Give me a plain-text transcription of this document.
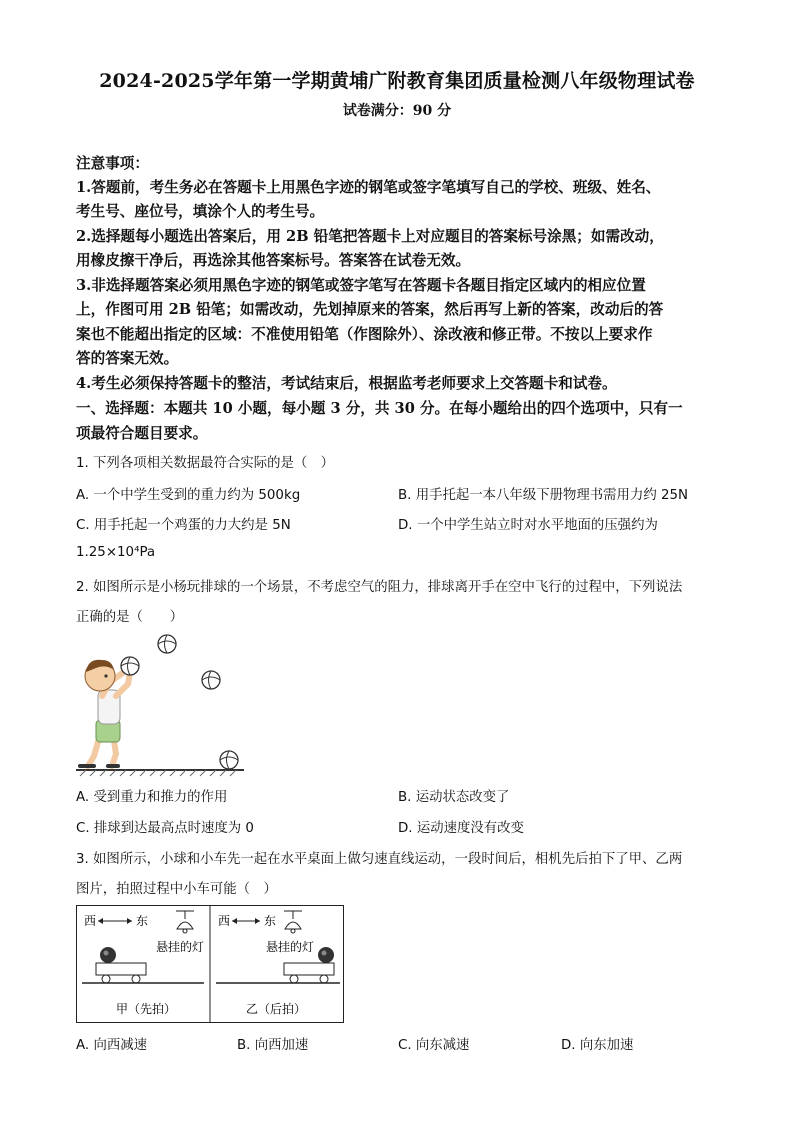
2024-2025学年第一学期黄埔广附教育集团质量检测八年级物理试卷
试卷满分：90 分
注意事项：
1.答题前，考生务必在答题卡上用黑色字迹的钢笔或签字笔填写自己的学校、班级、姓名、
考生号、座位号，填涂个人的考生号。
2.选择题每小题选出答案后，用 2B 铅笔把答题卡上对应题目的答案标号涂黑；如需改动，
用橡皮擦干净后，再选涂其他答案标号。答案答在试卷无效。
3.非选择题答案必须用黑色字迹的钢笔或签字笔写在答题卡各题目指定区域内的相应位置
上，作图可用 2B 铅笔；如需改动，先划掉原来的答案，然后再写上新的答案，改动后的答
案也不能超出指定的区域：不准使用铅笔（作图除外）、涂改液和修正带。不按以上要求作
答的答案无效。
4.考生必须保持答题卡的整洁，考试结束后，根据监考老师要求上交答题卡和试卷。
一、选择题：本题共 10 小题，每小题 3 分，共 30 分。在每小题给出的四个选项中，只有一
项最符合题目要求。
1. 下列各项相关数据最符合实际的是（　）
A. 一个中学生受到的重力约为 500kg	B. 用手托起一本八年级下册物理书需用力约 25N
C. 用手托起一个鸡蛋的力大约是 5N	D. 一个中学生站立时对水平地面的压强约为
1.25×10⁴Pa
2. 如图所示是小杨玩排球的一个场景，不考虑空气的阻力，排球离开手在空中飞行的过程中，下列说法
正确的是（　　）
A. 受到重力和推力的作用	B. 运动状态改变了
C. 排球到达最高点时速度为 0	D. 运动速度没有改变
3. 如图所示，小球和小车先一起在水平桌面上做匀速直线运动，一段时间后，相机先后拍下了甲、乙两
图片，拍照过程中小车可能（　）
西	东
悬挂的灯
甲（先拍）
西	东
悬挂的灯
乙（后拍）
A. 向西减速	B. 向西加速	C. 向东减速	D. 向东加速
